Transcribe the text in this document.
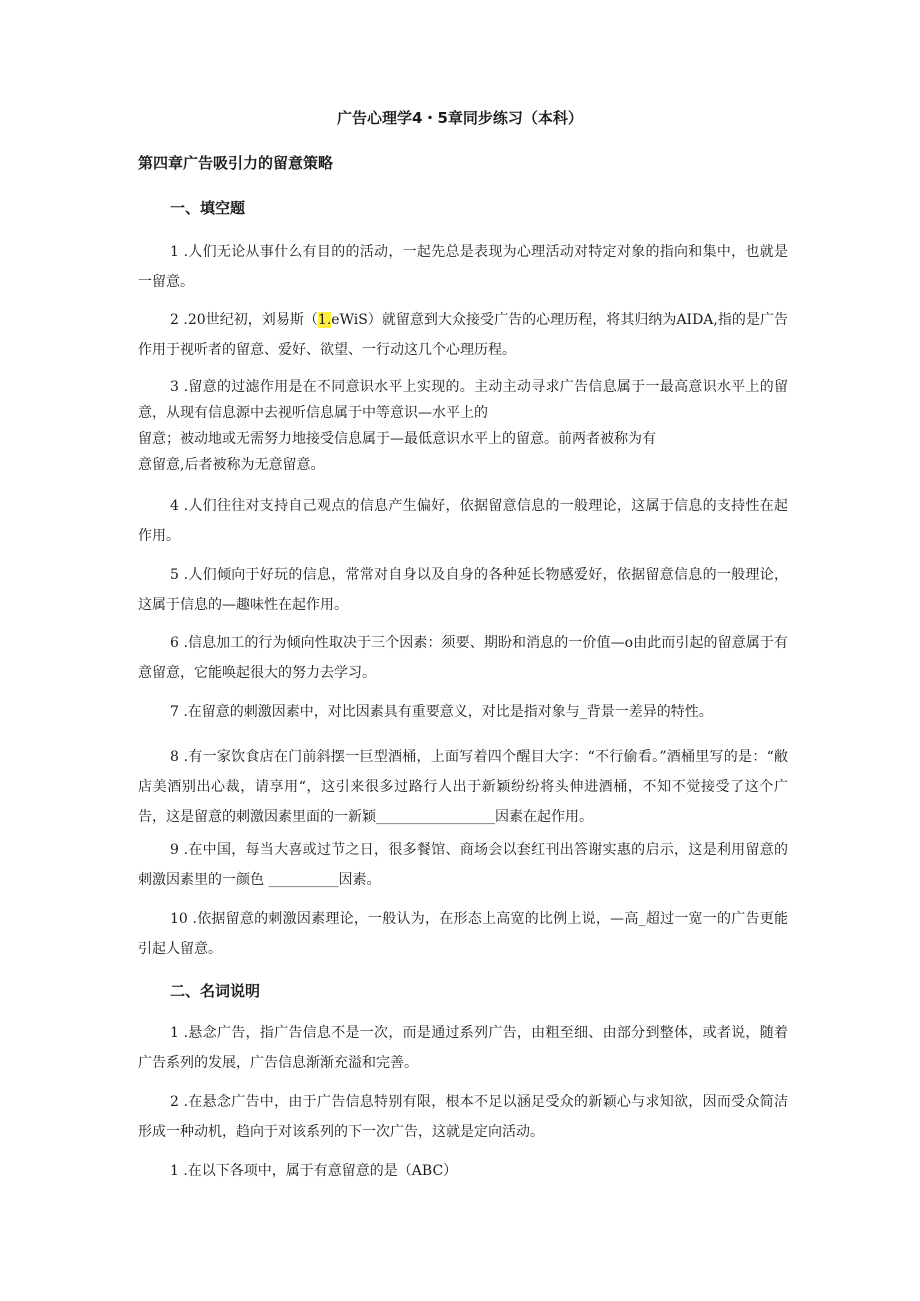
广告心理学4・5章同步练习（本科）
第四章广告吸引力的留意策略
一、填空题

1 .人们无论从事什么有目的的活动，一起先总是表现为心理活动对特定对象的指向和集中，也就是一留意。

2 .20世纪初，刘易斯（1.eWiS）就留意到大众接受广告的心理历程，将其归纳为AIDA,指的是广告作用于视听者的留意、爱好、欲望、一行动这几个心理历程。

3 .留意的过滤作用是在不同意识水平上实现的。主动主动寻求广告信息属于一最高意识水平上的留意，从现有信息源中去视听信息属于中等意识—水平上的
留意；被动地或无需努力地接受信息属于—最低意识水平上的留意。前两者被称为有
意留意,后者被称为无意留意。

4 .人们往往对支持自己观点的信息产生偏好，依据留意信息的一般理论，这属于信息的支持性在起作用。

5 .人们倾向于好玩的信息，常常对自身以及自身的各种延长物感爱好，依据留意信息的一般理论，这属于信息的—趣味性在起作用。

6 .信息加工的行为倾向性取决于三个因素：须要、期盼和消息的一价值—o由此而引起的留意属于有意留意，它能唤起很大的努力去学习。

7 .在留意的刺激因素中，对比因素具有重要意义，对比是指对象与_背景一差异的特性。

8 .有一家饮食店在门前斜摆一巨型酒桶，上面写着四个醒目大字：“不行偷看。”酒桶里写的是：“敝店美酒别出心裁，请享用“，这引来很多过路行人出于新颖纷纷将头伸进酒桶，不知不觉接受了这个广告，这是留意的刺激因素里面的一新颖_________________因素在起作用。

9 .在中国，每当大喜或过节之日，很多餐馆、商场会以套红刊出答谢实惠的启示，这是利用留意的刺激因素里的一颜色 __________因素。

10 .依据留意的刺激因素理论，一般认为，在形态上高宽的比例上说，—高_超过一宽一的广告更能引起人留意。

二、名词说明

1 .悬念广告，指广告信息不是一次，而是通过系列广告，由粗至细、由部分到整体，或者说，随着广告系列的发展，广告信息渐渐充溢和完善。

2 .在悬念广告中，由于广告信息特别有限，根本不足以涵足受众的新颖心与求知欲，因而受众简洁形成一种动机，趋向于对该系列的下一次广告，这就是定向活动。

1 .在以下各项中，属于有意留意的是（ABC）
